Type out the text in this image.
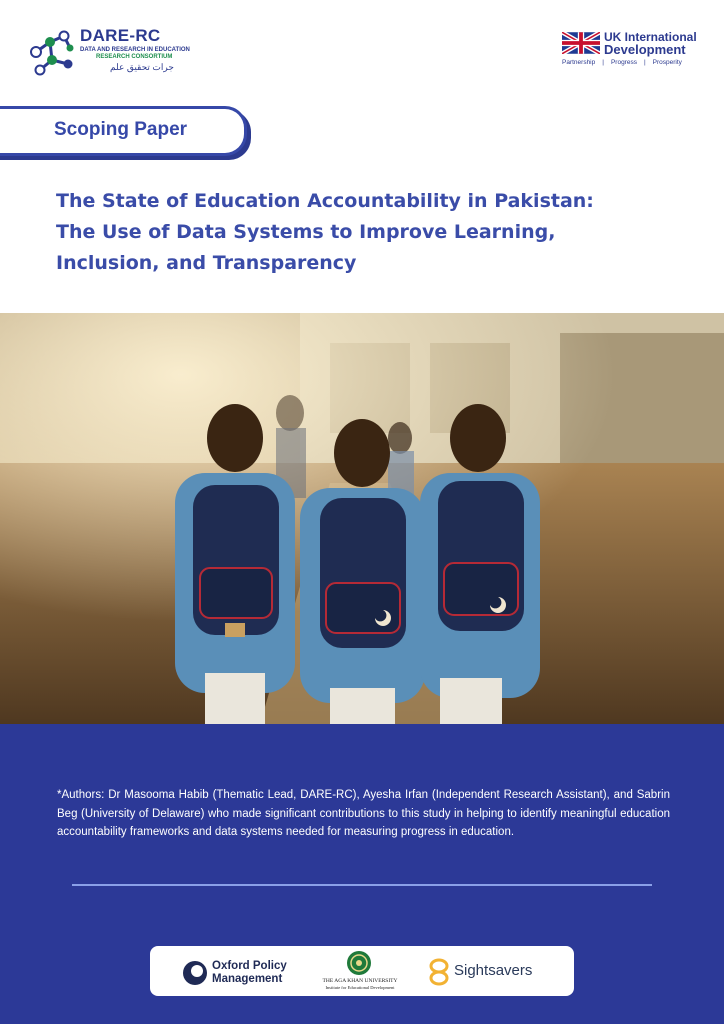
DARE-RC
DATA AND RESEARCH IN EDUCATION
RESEARCH CONSORTIUM
جرات تحقیق علم
UK International
Development
Partnership | Progress | Prosperity
Scoping Paper
The State of Education Accountability in Pakistan:
The Use of Data Systems to Improve Learning,
Inclusion, and Transparency
*Authors: Dr Masooma Habib (Thematic Lead, DARE-RC), Ayesha Irfan (Independent Research Assistant), and Sabrin Beg (University of Delaware) who made significant contributions to this study in helping to identify meaningful education accountability frameworks and data systems needed for measuring progress in education.
Oxford Policy
Management	THE AGA KHAN UNIVERSITY
Institute for Educational Development
Sightsavers
